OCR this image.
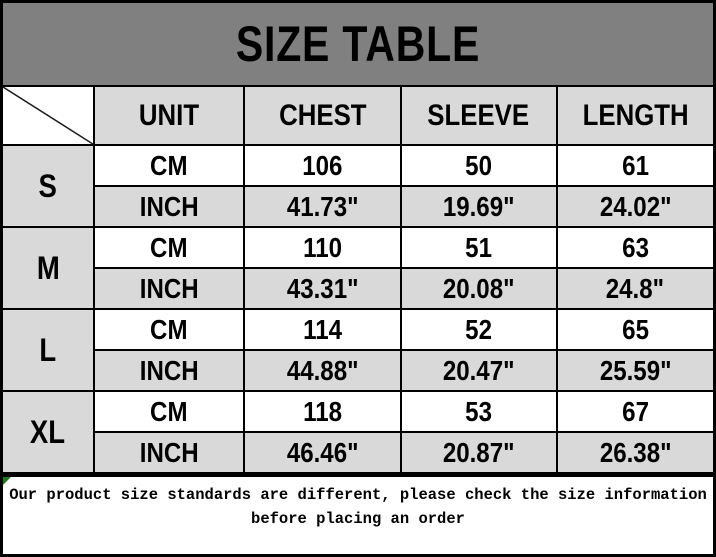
SIZE TABLE
	UNIT	CHEST	SLEEVE	LENGTH
S	CM	106	50	61
	INCH	41.73"	19.69"	24.02"
M	CM	110	51	63
	INCH	43.31"	20.08"	24.8"
L	CM	114	52	65
	INCH	44.88"	20.47"	25.59"
XL	CM	118	53	67
	INCH	46.46"	20.87"	26.38"
Our product size standards are different, please check the size information
before placing an order
